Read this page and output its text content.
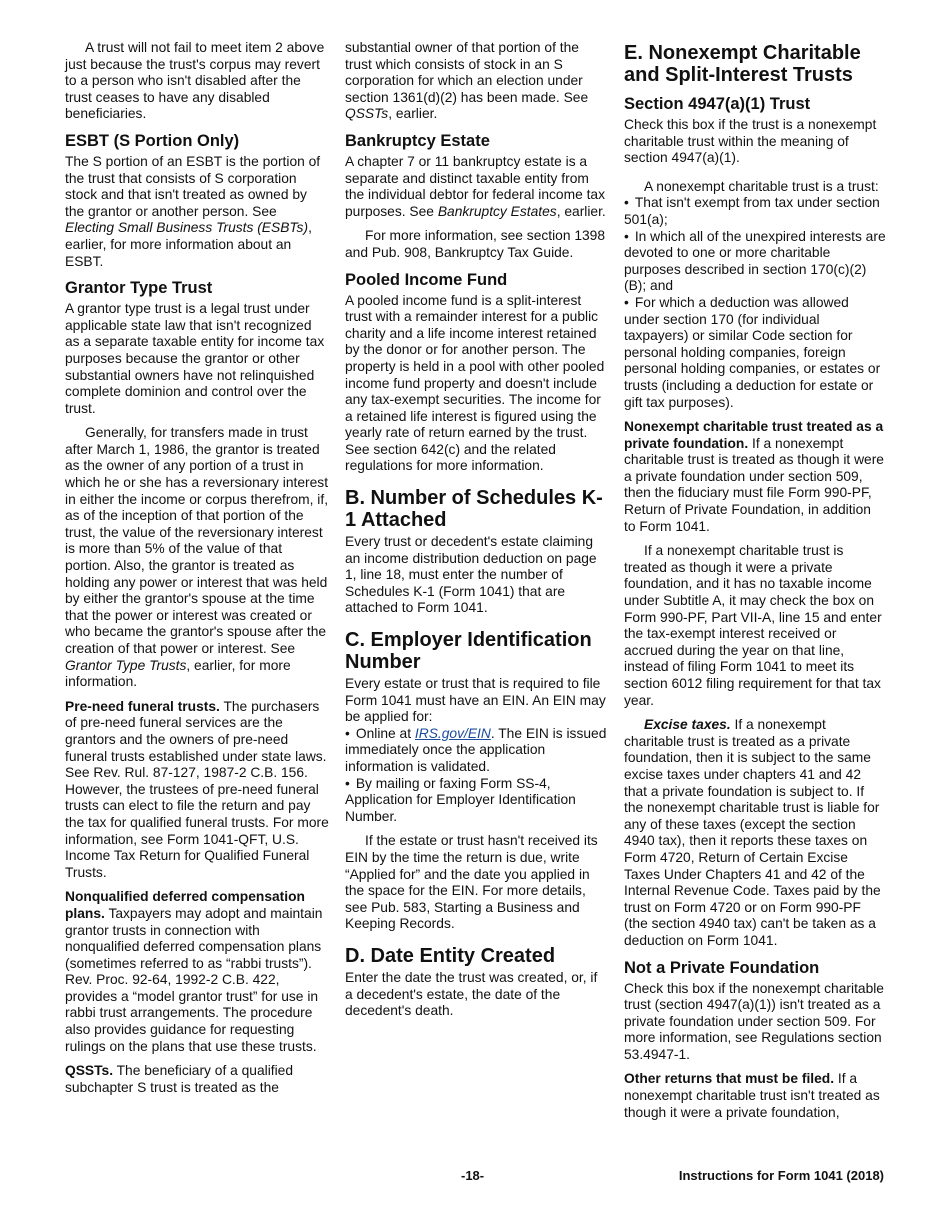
A trust will not fail to meet item 2 above just because the trust's corpus may revert to a person who isn't disabled after the trust ceases to have any disabled beneficiaries.

ESBT (S Portion Only)

The S portion of an ESBT is the portion of the trust that consists of S corporation stock and that isn't treated as owned by the grantor or another person. See Electing Small Business Trusts (ESBTs), earlier, for more information about an ESBT.

Grantor Type Trust

A grantor type trust is a legal trust under applicable state law that isn't recognized as a separate taxable entity for income tax purposes because the grantor or other substantial owners have not relinquished complete dominion and control over the trust.

Generally, for transfers made in trust after March 1, 1986, the grantor is treated as the owner of any portion of a trust in which he or she has a reversionary interest in either the income or corpus therefrom, if, as of the inception of that portion of the trust, the value of the reversionary interest is more than 5% of the value of that portion. Also, the grantor is treated as holding any power or interest that was held by either the grantor's spouse at the time that the power or interest was created or who became the grantor's spouse after the creation of that power or interest. See Grantor Type Trusts, earlier, for more information.

Pre-need funeral trusts. The purchasers of pre-need funeral services are the grantors and the owners of pre-need funeral trusts established under state laws. See Rev. Rul. 87-127, 1987-2 C.B. 156. However, the trustees of pre-need funeral trusts can elect to file the return and pay the tax for qualified funeral trusts. For more information, see Form 1041-QFT, U.S. Income Tax Return for Qualified Funeral Trusts.

Nonqualified deferred compensation plans. Taxpayers may adopt and maintain grantor trusts in connection with nonqualified deferred compensation plans (sometimes referred to as “rabbi trusts”). Rev. Proc. 92-64, 1992-2 C.B. 422, provides a “model grantor trust” for use in rabbi trust arrangements. The procedure also provides guidance for requesting rulings on the plans that use these trusts.

QSSTs. The beneficiary of a qualified subchapter S trust is treated as the

substantial owner of that portion of the trust which consists of stock in an S corporation for which an election under section 1361(d)(2) has been made. See QSSTs, earlier.

Bankruptcy Estate

A chapter 7 or 11 bankruptcy estate is a separate and distinct taxable entity from the individual debtor for federal income tax purposes. See Bankruptcy Estates, earlier.

For more information, see section 1398 and Pub. 908, Bankruptcy Tax Guide.

Pooled Income Fund

A pooled income fund is a split-interest trust with a remainder interest for a public charity and a life income interest retained by the donor or for another person. The property is held in a pool with other pooled income fund property and doesn't include any tax-exempt securities. The income for a retained life interest is figured using the yearly rate of return earned by the trust. See section 642(c) and the related regulations for more information.

B. Number of Schedules K-1 Attached

Every trust or decedent's estate claiming an income distribution deduction on page 1, line 18, must enter the number of Schedules K-1 (Form 1041) that are attached to Form 1041.

C. Employer Identification Number

Every estate or trust that is required to file Form 1041 must have an EIN. An EIN may be applied for:

• Online at IRS.gov/EIN. The EIN is issued immediately once the application information is validated.

• By mailing or faxing Form SS-4, Application for Employer Identification Number.

If the estate or trust hasn't received its EIN by the time the return is due, write “Applied for” and the date you applied in the space for the EIN. For more details, see Pub. 583, Starting a Business and Keeping Records.

D. Date Entity Created

Enter the date the trust was created, or, if a decedent's estate, the date of the decedent's death.

E. Nonexempt Charitable and Split-Interest Trusts
Section 4947(a)(1) Trust

Check this box if the trust is a nonexempt charitable trust within the meaning of section 4947(a)(1).

A nonexempt charitable trust is a trust:

• That isn't exempt from tax under section 501(a);

• In which all of the unexpired interests are devoted to one or more charitable purposes described in section 170(c)(2)(B); and

• For which a deduction was allowed under section 170 (for individual taxpayers) or similar Code section for personal holding companies, foreign personal holding companies, or estates or trusts (including a deduction for estate or gift tax purposes).

Nonexempt charitable trust treated as a private foundation. If a nonexempt charitable trust is treated as though it were a private foundation under section 509, then the fiduciary must file Form 990-PF, Return of Private Foundation, in addition to Form 1041.

If a nonexempt charitable trust is treated as though it were a private foundation, and it has no taxable income under Subtitle A, it may check the box on Form 990-PF, Part VII-A, line 15 and enter the tax-exempt interest received or accrued during the year on that line, instead of filing Form 1041 to meet its section 6012 filing requirement for that tax year.

Excise taxes. If a nonexempt charitable trust is treated as a private foundation, then it is subject to the same excise taxes under chapters 41 and 42 that a private foundation is subject to. If the nonexempt charitable trust is liable for any of these taxes (except the section 4940 tax), then it reports these taxes on Form 4720, Return of Certain Excise Taxes Under Chapters 41 and 42 of the Internal Revenue Code. Taxes paid by the trust on Form 4720 or on Form 990-PF (the section 4940 tax) can't be taken as a deduction on Form 1041.

Not a Private Foundation

Check this box if the nonexempt charitable trust (section 4947(a)(1)) isn't treated as a private foundation under section 509. For more information, see Regulations section 53.4947-1.

Other returns that must be filed. If a nonexempt charitable trust isn't treated as though it were a private foundation,

-18-	Instructions for Form 1041 (2018)
